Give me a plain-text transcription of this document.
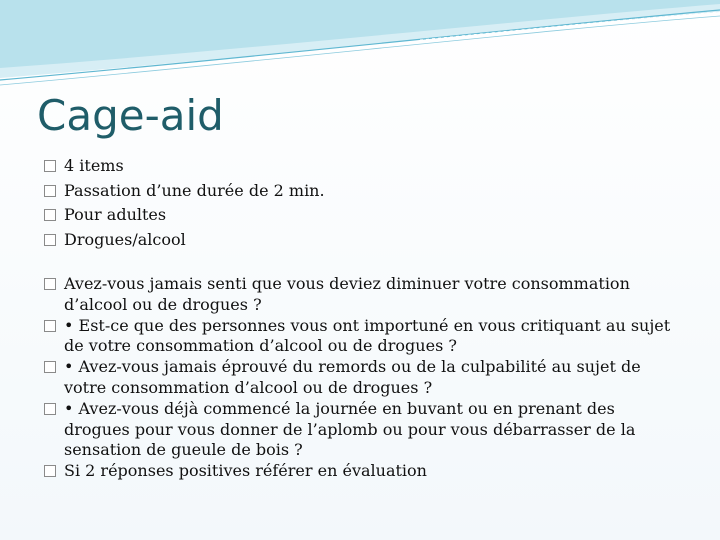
Cage-aid
4 items
Passation d’une durée de 2 min.
Pour adultes
Drogues/alcool
Avez-vous jamais senti que vous deviez diminuer votre consommation d’alcool ou de drogues ?
• Est-ce que des personnes vous ont importuné en vous critiquant au sujet de votre consommation d’alcool ou de drogues ?
• Avez-vous jamais éprouvé du remords ou de la culpabilité au sujet de votre consommation d’alcool ou de drogues ?
• Avez-vous déjà commencé la journée en buvant ou en prenant des drogues pour vous donner de l’aplomb ou pour vous débarrasser de la sensation de gueule de bois ?
Si 2 réponses positives référer en évaluation
